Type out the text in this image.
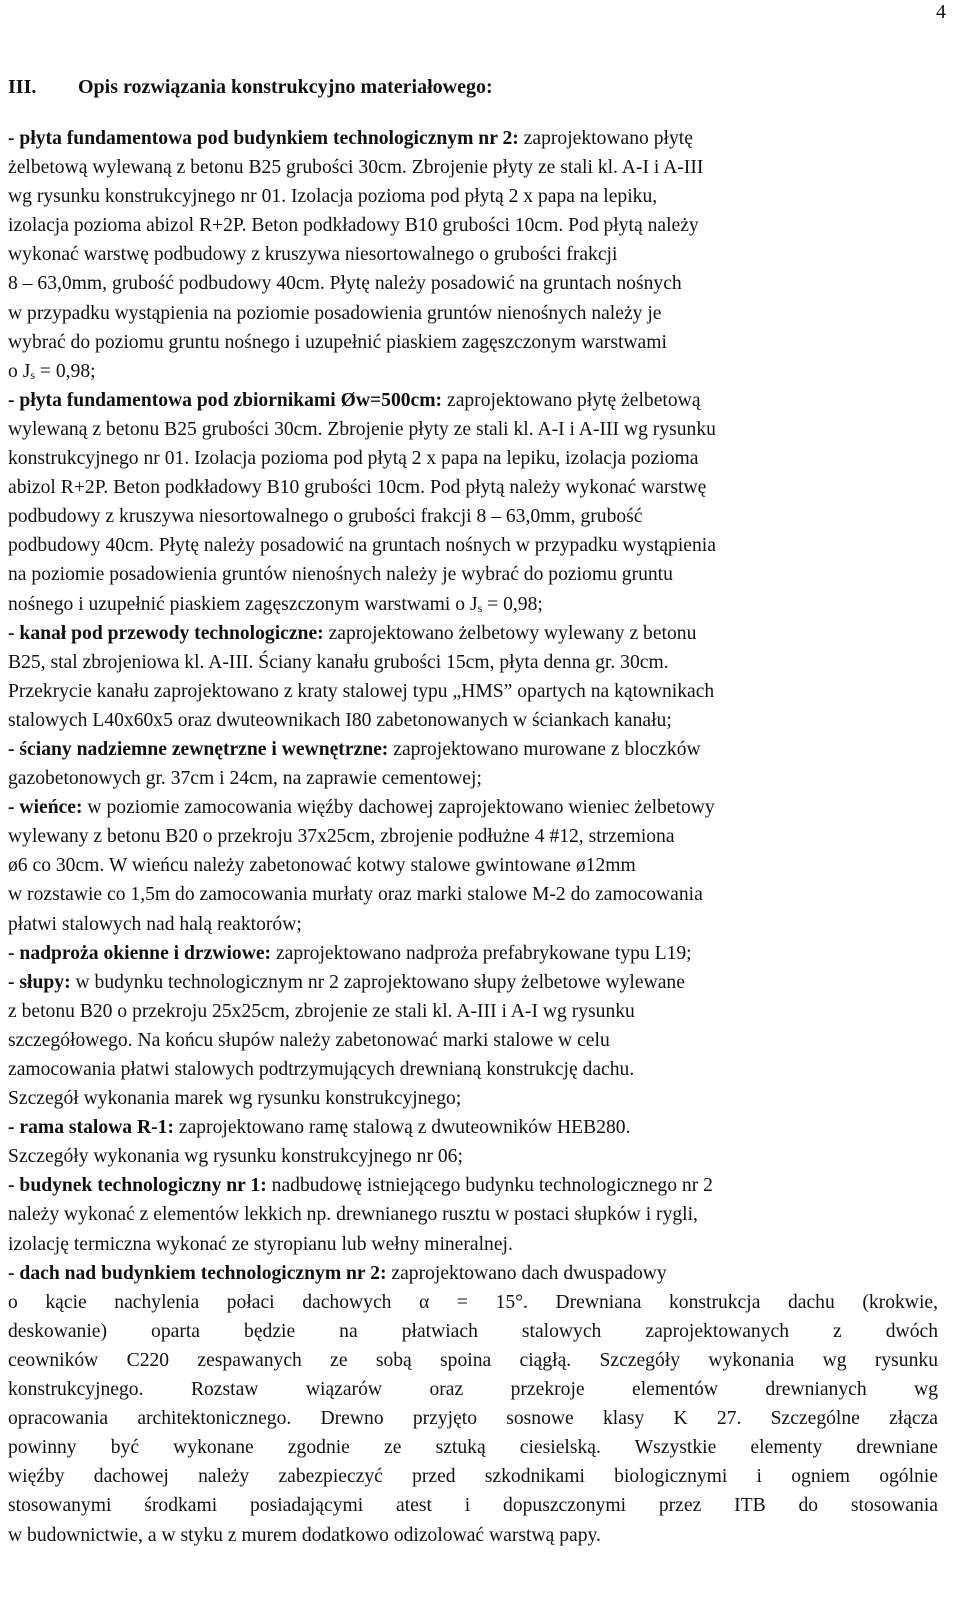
4
III. Opis rozwiązania konstrukcyjno materiałowego:
- płyta fundamentowa pod budynkiem technologicznym nr 2: zaprojektowano płytę
żelbetową wylewaną z betonu B25 grubości 30cm. Zbrojenie płyty ze stali kl. A-I i A-III
wg rysunku konstrukcyjnego nr 01. Izolacja pozioma pod płytą 2 x papa na lepiku,
izolacja pozioma abizol R+2P. Beton podkładowy B10 grubości 10cm. Pod płytą należy
wykonać warstwę podbudowy z kruszywa niesortowalnego o grubości frakcji
8 – 63,0mm, grubość podbudowy 40cm. Płytę należy posadowić na gruntach nośnych
w przypadku wystąpienia na poziomie posadowienia gruntów nienośnych należy je
wybrać do poziomu gruntu nośnego i uzupełnić piaskiem zagęszczonym warstwami
o $J_s = 0,98$;
- płyta fundamentowa pod zbiornikami Øw=500cm: zaprojektowano płytę żelbetową
wylewaną z betonu B25 grubości 30cm. Zbrojenie płyty ze stali kl. A-I i A-III wg rysunku
konstrukcyjnego nr 01. Izolacja pozioma pod płytą 2 x papa na lepiku, izolacja pozioma
abizol R+2P. Beton podkładowy B10 grubości 10cm. Pod płytą należy wykonać warstwę
podbudowy z kruszywa niesortowalnego o grubości frakcji 8 – 63,0mm, grubość
podbudowy 40cm. Płytę należy posadowić na gruntach nośnych w przypadku wystąpienia
na poziomie posadowienia gruntów nienośnych należy je wybrać do poziomu gruntu
nośnego i uzupełnić piaskiem zagęszczonym warstwami o $J_s = 0,98$;
- kanał pod przewody technologiczne: zaprojektowano żelbetowy wylewany z betonu
B25, stal zbrojeniowa kl. A-III. Ściany kanału grubości 15cm, płyta denna gr. 30cm.
Przekrycie kanału zaprojektowano z kraty stalowej typu „HMS” opartych na kątownikach
stalowych L40x60x5 oraz dwuteownikach I80 zabetonowanych w ściankach kanału;
- ściany nadziemne zewnętrzne i wewnętrzne: zaprojektowano murowane z bloczków
gazobetonowych gr. 37cm i 24cm, na zaprawie cementowej;
- wieńce: w poziomie zamocowania więźby dachowej zaprojektowano wieniec żelbetowy
wylewany z betonu B20 o przekroju 37x25cm, zbrojenie podłużne 4 #12, strzemiona
ø6 co 30cm. W wieńcu należy zabetonować kotwy stalowe gwintowane ø12mm
w rozstawie co 1,5m do zamocowania murłaty oraz marki stalowe M-2 do zamocowania
płatwi stalowych nad halą reaktorów;
- nadproża okienne i drzwiowe: zaprojektowano nadproża prefabrykowane typu L19;
- słupy: w budynku technologicznym nr 2 zaprojektowano słupy żelbetowe wylewane
z betonu B20 o przekroju 25x25cm, zbrojenie ze stali kl. A-III i A-I wg rysunku
szczegółowego. Na końcu słupów należy zabetonować marki stalowe w celu
zamocowania płatwi stalowych podtrzymujących drewnianą konstrukcję dachu.
Szczegół wykonania marek wg rysunku konstrukcyjnego;
- rama stalowa R-1: zaprojektowano ramę stalową z dwuteowników HEB280.
Szczegóły wykonania wg rysunku konstrukcyjnego nr 06;
- budynek technologiczny nr 1: nadbudowę istniejącego budynku technologicznego nr 2
należy wykonać z elementów lekkich np. drewnianego rusztu w postaci słupków i rygli,
izolację termiczna wykonać ze styropianu lub wełny mineralnej.
- dach nad budynkiem technologicznym nr 2: zaprojektowano dach dwuspadowy
o kącie nachylenia połaci dachowych α = 15°. Drewniana konstrukcja dachu (krokwie,
deskowanie) oparta będzie na płatwiach stalowych zaprojektowanych z dwóch
ceowników C220 zespawanych ze sobą spoina ciągłą. Szczegóły wykonania wg rysunku
konstrukcyjnego. Rozstaw wiązarów oraz przekroje elementów drewnianych wg
opracowania architektonicznego. Drewno przyjęto sosnowe klasy K 27. Szczególne złącza
powinny być wykonane zgodnie ze sztuką ciesielską. Wszystkie elementy drewniane
więźby dachowej należy zabezpieczyć przed szkodnikami biologicznymi i ogniem ogólnie
stosowanymi środkami posiadającymi atest i dopuszczonymi przez ITB do stosowania
w budownictwie, a w styku z murem dodatkowo odizolować warstwą papy.
